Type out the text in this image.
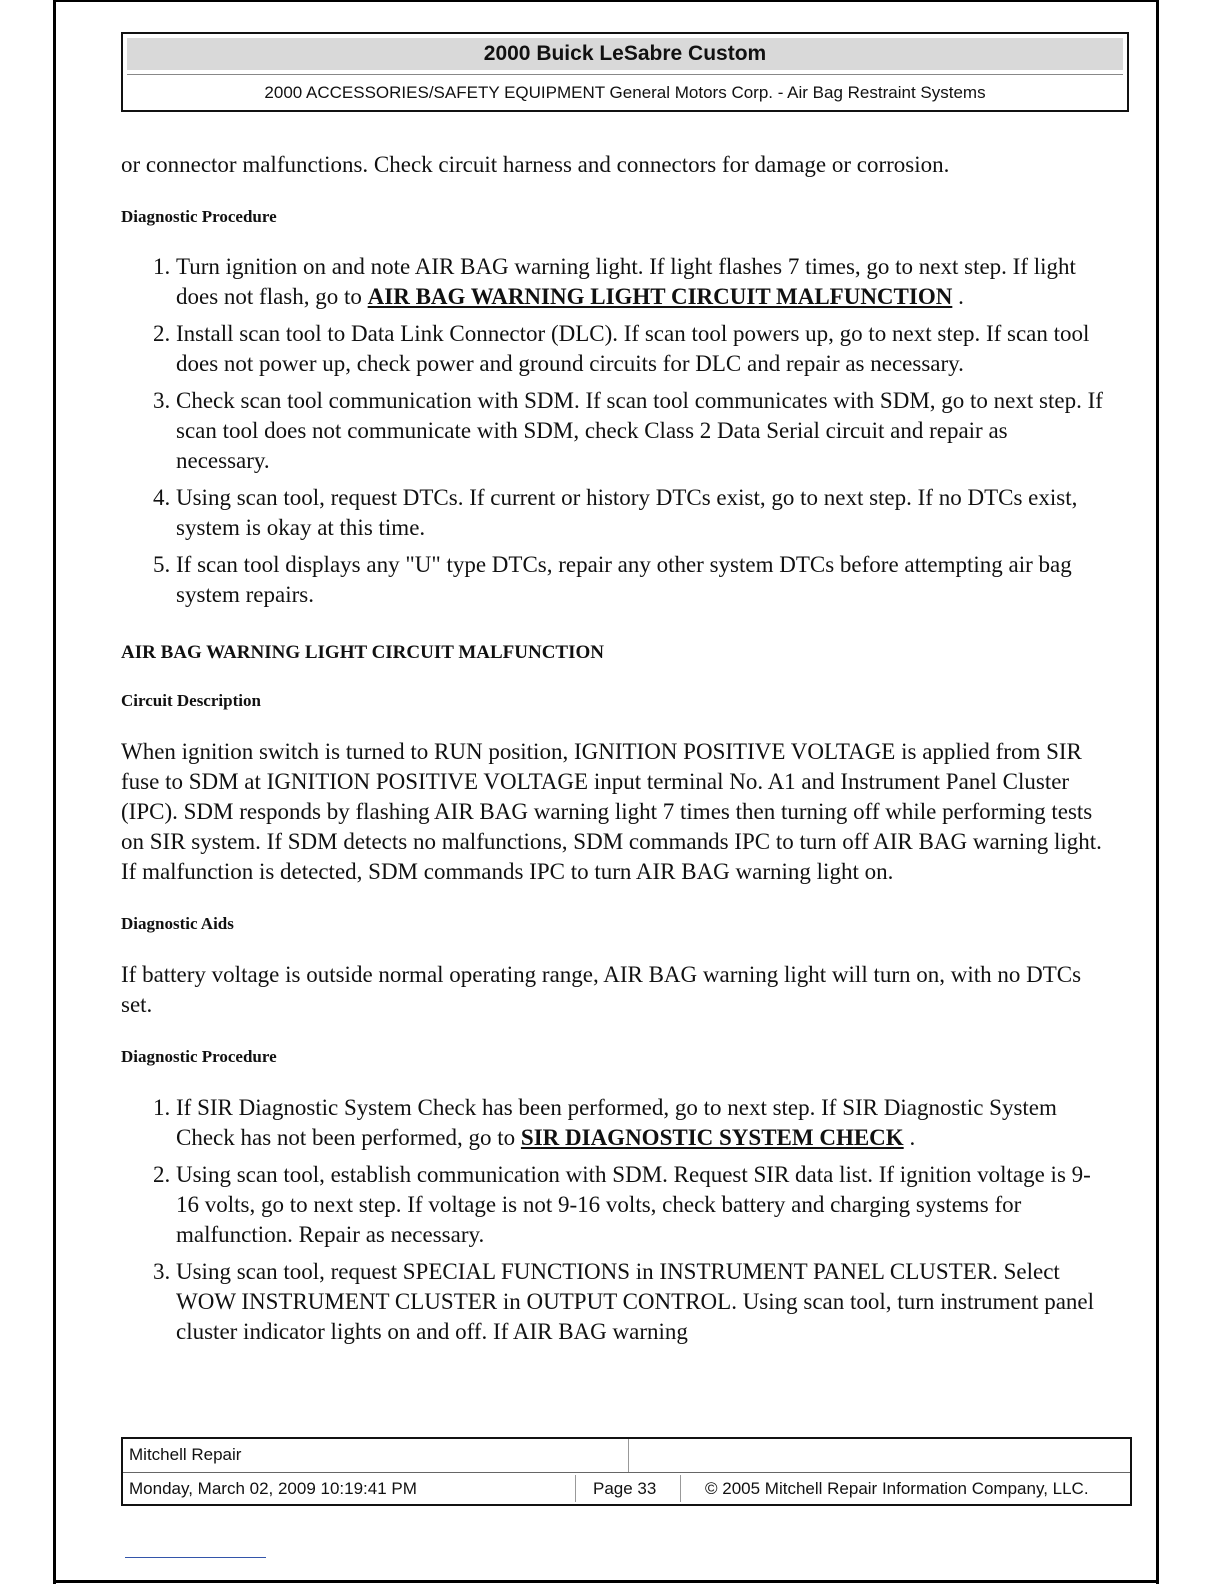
2000 Buick LeSabre Custom
2000 ACCESSORIES/SAFETY EQUIPMENT General Motors Corp. - Air Bag Restraint Systems

or connector malfunctions. Check circuit harness and connectors for damage or corrosion.

Diagnostic Procedure
1. Turn ignition on and note AIR BAG warning light. If light flashes 7 times, go to next step. If light does not flash, go to AIR BAG WARNING LIGHT CIRCUIT MALFUNCTION .
2. Install scan tool to Data Link Connector (DLC). If scan tool powers up, go to next step. If scan tool does not power up, check power and ground circuits for DLC and repair as necessary.
3. Check scan tool communication with SDM. If scan tool communicates with SDM, go to next step. If scan tool does not communicate with SDM, check Class 2 Data Serial circuit and repair as necessary.
4. Using scan tool, request DTCs. If current or history DTCs exist, go to next step. If no DTCs exist, system is okay at this time.
5. If scan tool displays any "U" type DTCs, repair any other system DTCs before attempting air bag system repairs.
AIR BAG WARNING LIGHT CIRCUIT MALFUNCTION
Circuit Description

When ignition switch is turned to RUN position, IGNITION POSITIVE VOLTAGE is applied from SIR fuse to SDM at IGNITION POSITIVE VOLTAGE input terminal No. A1 and Instrument Panel Cluster (IPC). SDM responds by flashing AIR BAG warning light 7 times then turning off while performing tests on SIR system. If SDM detects no malfunctions, SDM commands IPC to turn off AIR BAG warning light. If malfunction is detected, SDM commands IPC to turn AIR BAG warning light on.

Diagnostic Aids

If battery voltage is outside normal operating range, AIR BAG warning light will turn on, with no DTCs set.

Diagnostic Procedure
1. If SIR Diagnostic System Check has been performed, go to next step. If SIR Diagnostic System Check has not been performed, go to SIR DIAGNOSTIC SYSTEM CHECK .
2. Using scan tool, establish communication with SDM. Request SIR data list. If ignition voltage is 9-16 volts, go to next step. If voltage is not 9-16 volts, check battery and charging systems for malfunction. Repair as necessary.
3. Using scan tool, request SPECIAL FUNCTIONS in INSTRUMENT PANEL CLUSTER. Select WOW INSTRUMENT CLUSTER in OUTPUT CONTROL. Using scan tool, turn instrument panel cluster indicator lights on and off. If AIR BAG warning
Mitchell Repair
Monday, March 02, 2009 10:19:41 PM	Page 33	© 2005 Mitchell Repair Information Company, LLC.
